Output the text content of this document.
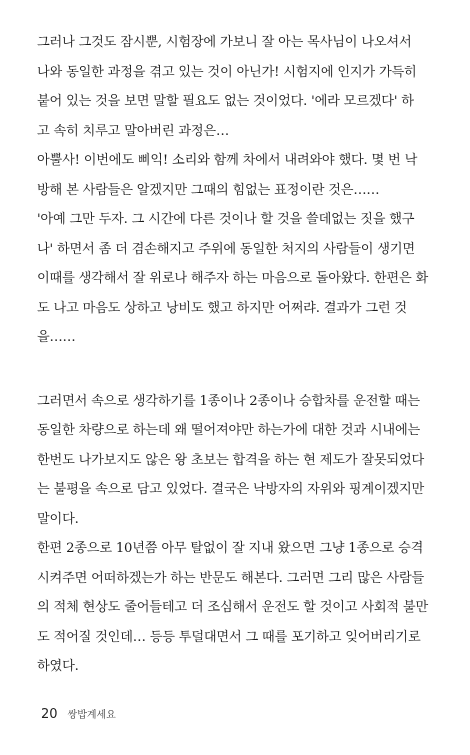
그러나 그것도 잠시뿐, 시험장에 가보니 잘 아는 목사님이 나오셔서
나와 동일한 과정을 겪고 있는 것이 아닌가! 시험지에 인지가 가득히
붙어 있는 것을 보면 말할 필요도 없는 것이었다. '에라 모르겠다' 하
고 속히 치루고 말아버린 과정은…

아뿔사! 이번에도 삐익! 소리와 함께 차에서 내려와야 했다. 몇 번 낙
방해 본 사람들은 알겠지만 그때의 힘없는 표정이란 것은……

'아예 그만 두자. 그 시간에 다른 것이나 할 것을 쓸데없는 짓을 했구
나' 하면서 좀 더 겸손해지고 주위에 동일한 처지의 사람들이 생기면
이때를 생각해서 잘 위로나 해주자 하는 마음으로 돌아왔다. 한편은 화
도 나고 마음도 상하고 낭비도 했고 하지만 어쩌랴. 결과가 그런 것
을……

그러면서 속으로 생각하기를 1종이나 2종이나 승합차를 운전할 때는
동일한 차량으로 하는데 왜 떨어져야만 하는가에 대한 것과 시내에는
한번도 나가보지도 않은 왕 초보는 합격을 하는 현 제도가 잘못되었다
는 불평을 속으로 담고 있었다. 결국은 낙방자의 자위와 핑계이겠지만
말이다.

한편 2종으로 10년쯤 아무 탈없이 잘 지내 왔으면 그냥 1종으로 승격
시켜주면 어떠하겠는가 하는 반문도 해본다. 그러면 그리 많은 사람들
의 적체 현상도 줄어들테고 더 조심해서 운전도 할 것이고 사회적 불만
도 적어질 것인데… 등등 투덜대면서 그 때를 포기하고 잊어버리기로
하였다.

20 쌍밥계세요
